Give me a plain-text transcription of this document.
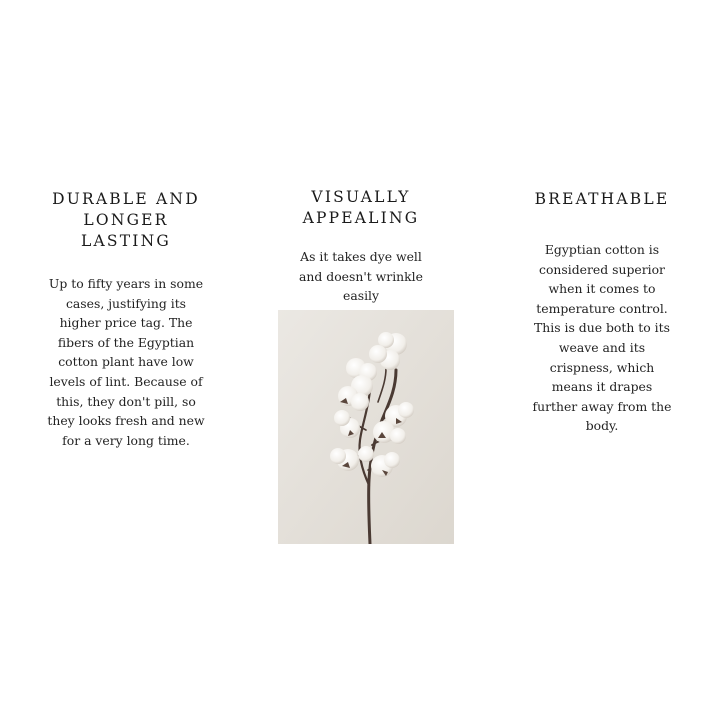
DURABLE AND
LONGER
LASTING

Up to fifty years in some
cases, justifying its
higher price tag. The
fibers of the Egyptian
cotton plant have low
levels of lint. Because of
this, they don't pill, so
they looks fresh and new
for a very long time.

VISUALLY
APPEALING

As it takes dye well
and doesn't wrinkle
easily

BREATHABLE

Egyptian cotton is
considered superior
when it comes to
temperature control.
This is due both to its
weave and its
crispness, which
means it drapes
further away from the
body.
